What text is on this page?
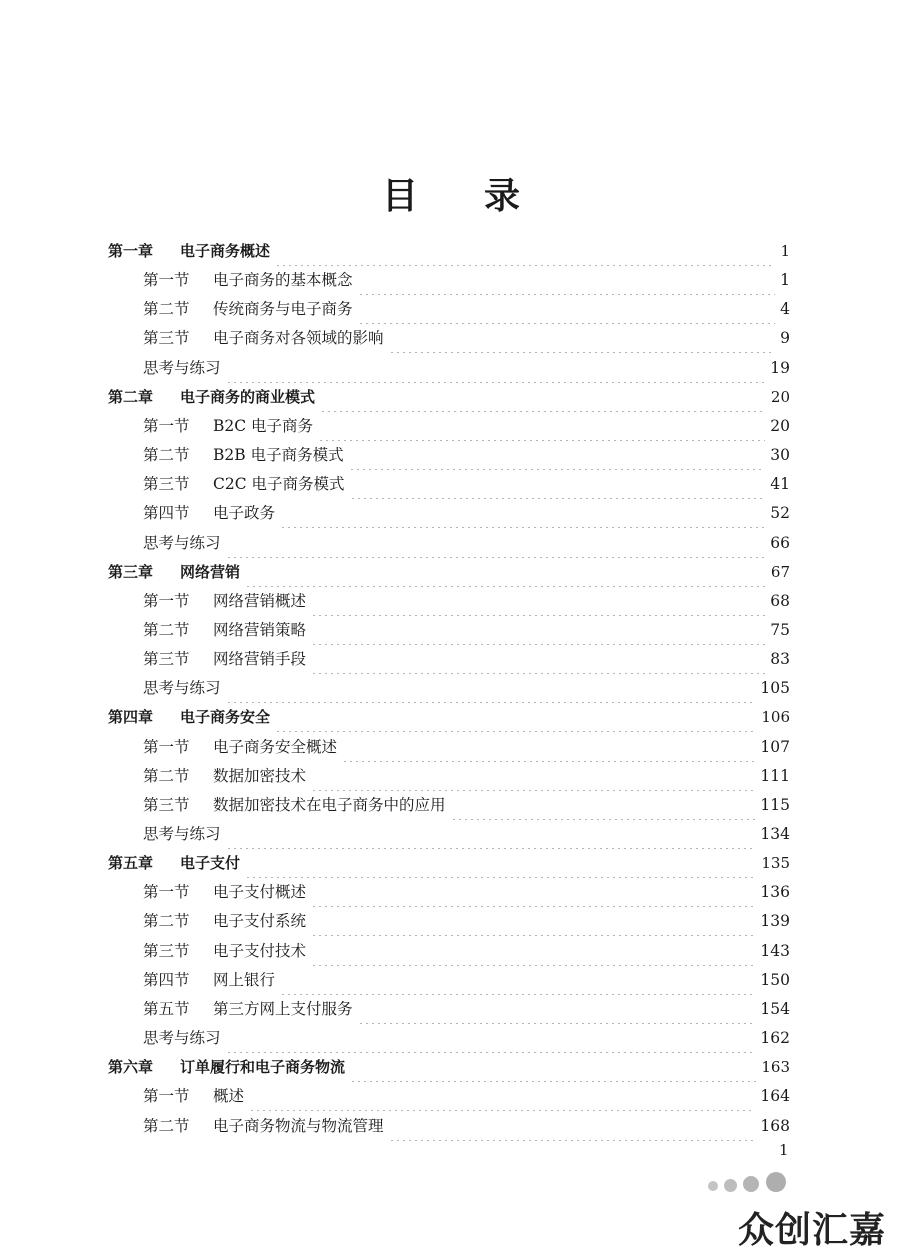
目 录
第一章	电子商务概述	1
第一节	电子商务的基本概念	1
第二节	传统商务与电子商务	4
第三节	电子商务对各领域的影响	9
思考与练习	19
第二章	电子商务的商业模式	20
第一节	B2C 电子商务	20
第二节	B2B 电子商务模式	30
第三节	C2C 电子商务模式	41
第四节	电子政务	52
思考与练习	66
第三章	网络营销	67
第一节	网络营销概述	68
第二节	网络营销策略	75
第三节	网络营销手段	83
思考与练习	105
第四章	电子商务安全	106
第一节	电子商务安全概述	107
第二节	数据加密技术	111
第三节	数据加密技术在电子商务中的应用	115
思考与练习	134
第五章	电子支付	135
第一节	电子支付概述	136
第二节	电子支付系统	139
第三节	电子支付技术	143
第四节	网上银行	150
第五节	第三方网上支付服务	154
思考与练习	162
第六章	订单履行和电子商务物流	163
第一节	概述	164
第二节	电子商务物流与物流管理	168
1
众创汇嘉
